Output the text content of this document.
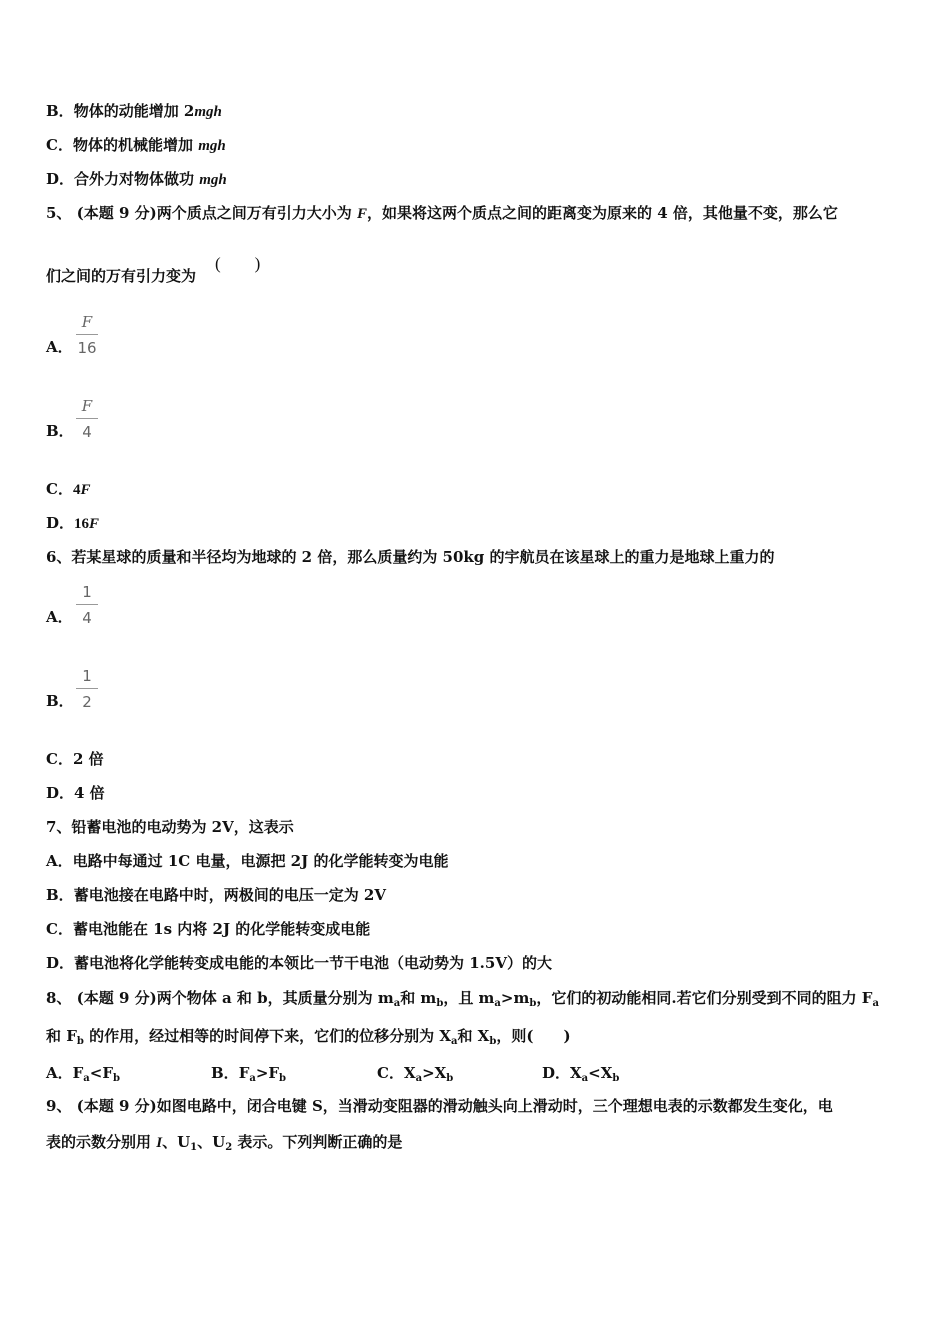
B．物体的动能增加 2mgh
C．物体的机械能增加 mgh
D．合外力对物体做功 mgh
5、 (本题 9 分)两个质点之间万有引力大小为 F，如果将这两个质点之间的距离变为原来的 4 倍，其他量不变，那么它
们之间的万有引力变为
(        )
A．
F
16
B．
F
4
C．4F
D．16F
6、若某星球的质量和半径均为地球的 2 倍，那么质量约为 50kg 的宇航员在该星球上的重力是地球上重力的
A．
1
4
B．
1
2
C．2 倍
D．4 倍
7、铅蓄电池的电动势为 2V，这表示
A．电路中每通过 1C 电量，电源把 2J 的化学能转变为电能
B．蓄电池接在电路中时，两极间的电压一定为 2V
C．蓄电池能在 1s 内将 2J 的化学能转变成电能
D．蓄电池将化学能转变成电能的本领比一节干电池（电动势为 1.5V）的大
8、 (本题 9 分)两个物体 a 和 b，其质量分别为 $m_a$和 $m_b$，且 $m_a>m_b$，它们的初动能相同.若它们分别受到不同的阻力 $F_a$
和 $F_b$ 的作用，经过相等的时间停下来，它们的位移分别为 $X_a$和 $X_b$，则( )
A．$F_a<F_b$	B．$F_a>F_b$	C．$X_a>X_b$	D．$X_a<X_b$
9、 (本题 9 分)如图电路中，闭合电键 S，当滑动变阻器的滑动触头向上滑动时，三个理想电表的示数都发生变化，电
表的示数分别用 I、$U_1$、$U_2$ 表示。下列判断正确的是
